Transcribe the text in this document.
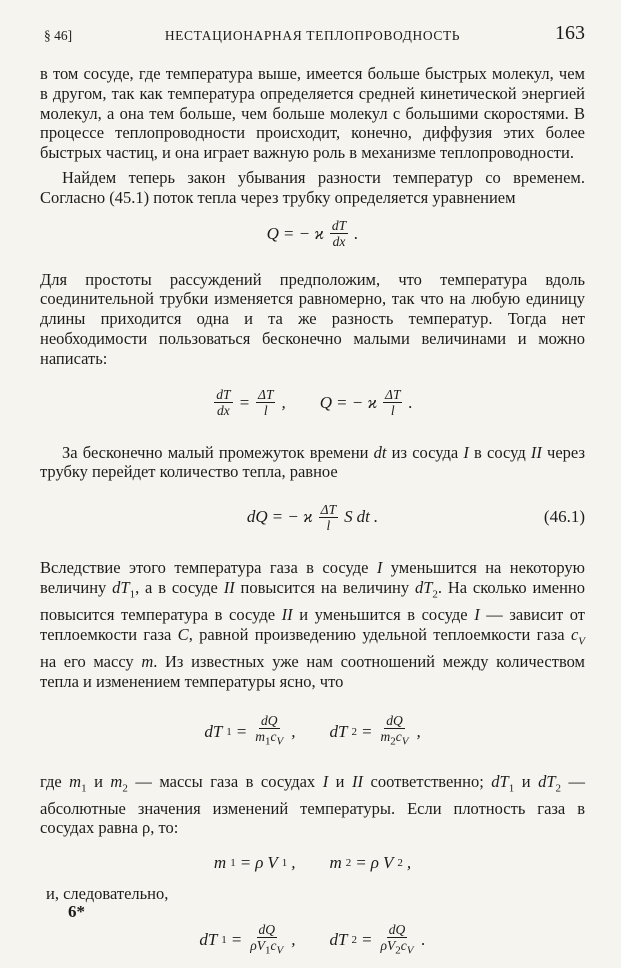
§ 46]	НЕСТАЦИОНАРНАЯ ТЕПЛОПРОВОДНОСТЬ	163

в том сосуде, где температура выше, имеется больше быстрых молекул, чем в другом, так как температура определяется средней кинетической энергией молекул, а она тем больше, чем больше молекул с большими скоростями. В процессе теплопроводности происходит, конечно, диффузия этих более быстрых частиц, и она играет важную роль в механизме теплопроводности.

Найдем теперь закон убывания разности температур со временем. Согласно (45.1) поток тепла через трубку определяется уравнением

Q = − ϰ $\frac{dT}{dx}$ .

Для простоты рассуждений предположим, что температура вдоль соединительной трубки изменяется равномерно, так что на любую единицу длины приходится одна и та же разность температур. Тогда нет необходимости пользоваться бесконечно малыми величинами и можно написать:

$\frac{dT}{dx} = \frac{\Delta T}{l}$ , Q = − ϰ $\frac{\Delta T}{l}$ .

За бесконечно малый промежуток времени dt из сосуда I в сосуд II через трубку перейдет количество тепла, равное

dQ = − ϰ $\frac{\Delta T}{l}$ S dt .	(46.1)

Вследствие этого температура газа в сосуде I уменьшится на некоторую величину $dT_1$, а в сосуде II повысится на величину $dT_2$. На сколько именно повысится температура в сосуде II и уменьшится в сосуде I — зависит от теплоемкости газа C, равной произведению удельной теплоемкости газа $c_V$ на его массу m. Из известных уже нам соотношений между количеством тепла и изменением температуры ясно, что

dT $1 = \frac{dQ}{m_1c_V}$ , dT $2 = \frac{dQ}{m_2c_V}$ ,

где $m_1$ и $m_2$ — массы газа в сосудах I и II соответственно; $dT_1$ и $dT_2$ — абсолютные значения изменений температуры. Если плотность газа в сосудах равна ρ, то:

m 1 = ρ V 1 , m 2 = ρ V 2 ,

и, следовательно,

dT $1 = \frac{dQ}{\rho V_1c_V}$ , dT $2 = \frac{dQ}{\rho V_2c_V}$ .
6*
